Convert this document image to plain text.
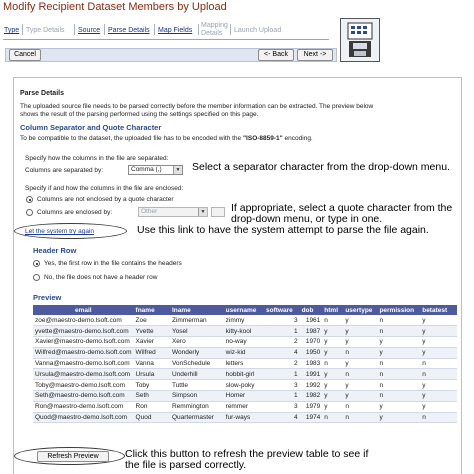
Modify Recipient Dataset Members by Upload
Type Type Details Source Parse Details Map Fields
Mapping Details	Launch Upload
Cancel	<- Back	Next ->
Parse Details
The uploaded source file needs to be parsed correctly before the member information can be extracted. The preview below
shows the result of the parsing performed using the settings specified on this page.
Column Separator and Quote Character
To be compatible to the dataset, the uploaded file has to be encoded with the "ISO-8859-1" encoding.
Specify how the columns in the file are separated:
Columns are separated by:	Comma (,)	▼ Select a separator character from the drop-down menu.
Specify if and how the columns in the file are enclosed:
Columns are not enclosed by a quote character
Columns are enclosed by:	Other	▼ If appropriate, select a quote character from the drop-down menu, or type in one.
Let the system try again	Use this link to have the system attempt to parse the file again.
Header Row
Yes, the first row in the file contains the headers
No, the file does not have a header row
Preview
email	fname	lname	username	software	dob	html	usertype	permission	betatest
zoe@maestro-demo.lsoft.com	Zoe	Zimmerman	zimmy	3	1961	n	y	n	y
yvette@maestro-demo.lsoft.com	Yvette	Yosel	kitty-kool	1	1987	y	y	n	y
Xavier@maestro-demo.lsoft.com	Xavier	Xero	no-way	2	1970	y	y	y	y
Wilfred@maestro-demo.lsoft.com	Wilfred	Wonderly	wiz-kid	4	1950	y	n	y	y
Vanna@maestro-demo.lsoft.com	Vanna	VonSchedule	letters	2	1983	n	y	n	n
Ursula@maestro-demo.lsoft.com	Ursula	Underhill	hobbit-girl	1	1991	y	n	n	n
Toby@maestro-demo.lsoft.com	Toby	Tuttle	slow-poky	3	1992	y	y	n	y
Seth@maestro-demo.lsoft.com	Seth	Simpson	Homer	1	1982	y	y	n	y
Ron@maestro-demo.lsoft.com	Ron	Remmington	remmer	3	1979	y	n	y	y
Quod@maestro-demo.lsoft.com	Quod	Quartermaster	fur-ways	4	1974	n	n	y	n
Refresh Preview	Click this button to refresh the preview table to see if the file is parsed correctly.
